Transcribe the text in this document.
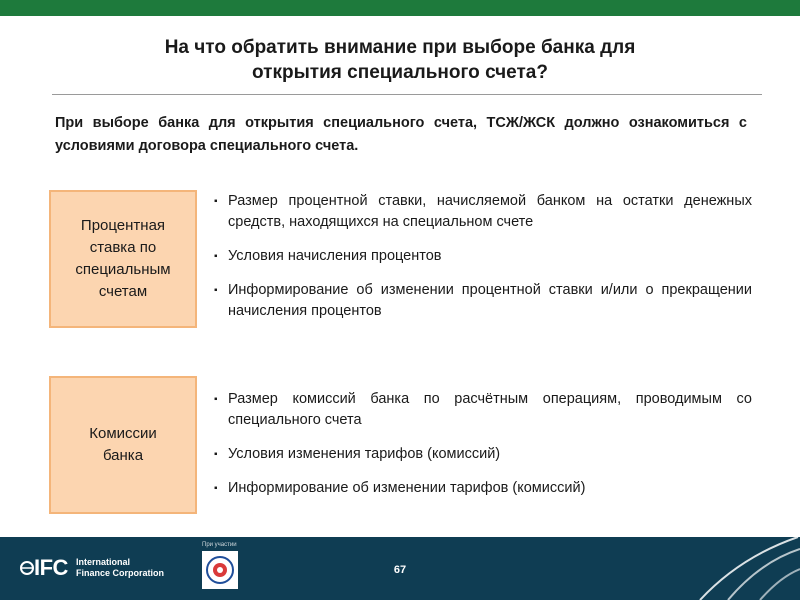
На что обратить внимание при выборе банка для
открытия специального счета?
При выборе банка для открытия специального счета, ТСЖ/ЖСК должно ознакомиться с условиями договора специального счета.
Процентная
ставка по
специальным
счетам
▪ Размер процентной ставки, начисляемой банком на остатки денежных средств, находящихся на специальном счете
▪ Условия начисления процентов
▪ Информирование об изменении процентной ставки и/или о прекращении начисления процентов
Комиссии
банка
▪ Размер комиссий банка по расчётным операциям, проводимым со специального счета
▪ Условия изменения тарифов (комиссий)
▪ Информирование об изменении тарифов (комиссий)
IFC International
Finance Corporation
При участии
67
